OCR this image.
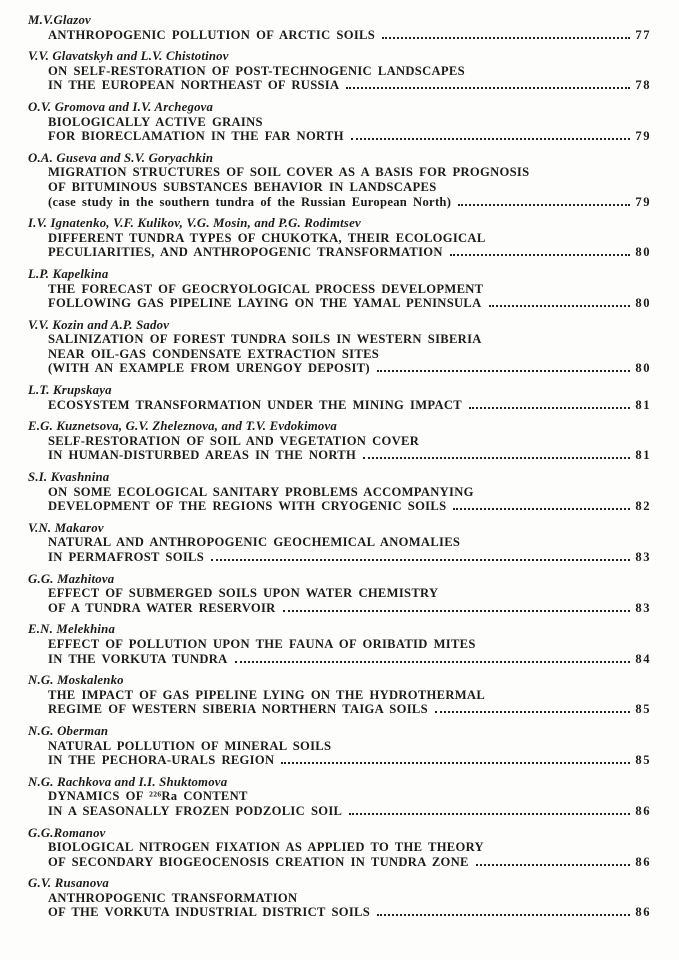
M.V.Glazov
ANTHROPOGENIC POLLUTION OF ARCTIC SOILS	77
V.V. Glavatskyh and L.V. Chistotinov
ON SELF-RESTORATION OF POST-TECHNOGENIC LANDSCAPES
IN THE EUROPEAN NORTHEAST OF RUSSIA	78
O.V. Gromova and I.V. Archegova
BIOLOGICALLY ACTIVE GRAINS
FOR BIORECLAMATION IN THE FAR NORTH	79
O.A. Guseva and S.V. Goryachkin
MIGRATION STRUCTURES OF SOIL COVER AS A BASIS FOR PROGNOSIS
OF BITUMINOUS SUBSTANCES BEHAVIOR IN LANDSCAPES
(case study in the southern tundra of the Russian European North)	79
I.V. Ignatenko, V.F. Kulikov, V.G. Mosin, and P.G. Rodimtsev
DIFFERENT TUNDRA TYPES OF CHUKOTKA, THEIR ECOLOGICAL
PECULIARITIES, AND ANTHROPOGENIC TRANSFORMATION	80
L.P. Kapelkina
THE FORECAST OF GEOCRYOLOGICAL PROCESS DEVELOPMENT
FOLLOWING GAS PIPELINE LAYING ON THE YAMAL PENINSULA	80
V.V. Kozin and A.P. Sadov
SALINIZATION OF FOREST TUNDRA SOILS IN WESTERN SIBERIA
NEAR OIL-GAS CONDENSATE EXTRACTION SITES
(WITH AN EXAMPLE FROM URENGOY DEPOSIT)	80
L.T. Krupskaya
ECOSYSTEM TRANSFORMATION UNDER THE MINING IMPACT	81
E.G. Kuznetsova, G.V. Zheleznova, and T.V. Evdokimova
SELF-RESTORATION OF SOIL AND VEGETATION COVER
IN HUMAN-DISTURBED AREAS IN THE NORTH	81
S.I. Kvashnina
ON SOME ECOLOGICAL SANITARY PROBLEMS ACCOMPANYING
DEVELOPMENT OF THE REGIONS WITH CRYOGENIC SOILS	82
V.N. Makarov
NATURAL AND ANTHROPOGENIC GEOCHEMICAL ANOMALIES
IN PERMAFROST SOILS	83
G.G. Mazhitova
EFFECT OF SUBMERGED SOILS UPON WATER CHEMISTRY
OF A TUNDRA WATER RESERVOIR	83
E.N. Melekhina
EFFECT OF POLLUTION UPON THE FAUNA OF ORIBATID MITES
IN THE VORKUTA TUNDRA	84
N.G. Moskalenko
THE IMPACT OF GAS PIPELINE LYING ON THE HYDROTHERMAL
REGIME OF WESTERN SIBERIA NORTHERN TAIGA SOILS	85
N.G. Oberman
NATURAL POLLUTION OF MINERAL SOILS
IN THE PECHORA-URALS REGION	85
N.G. Rachkova and I.I. Shuktomova
DYNAMICS OF ²²⁶Ra CONTENT
IN A SEASONALLY FROZEN PODZOLIC SOIL	86
G.G.Romanov
BIOLOGICAL NITROGEN FIXATION AS APPLIED TO THE THEORY
OF SECONDARY BIOGEOCENOSIS CREATION IN TUNDRA ZONE	86
G.V. Rusanova
ANTHROPOGENIC TRANSFORMATION
OF THE VORKUTA INDUSTRIAL DISTRICT SOILS	86
